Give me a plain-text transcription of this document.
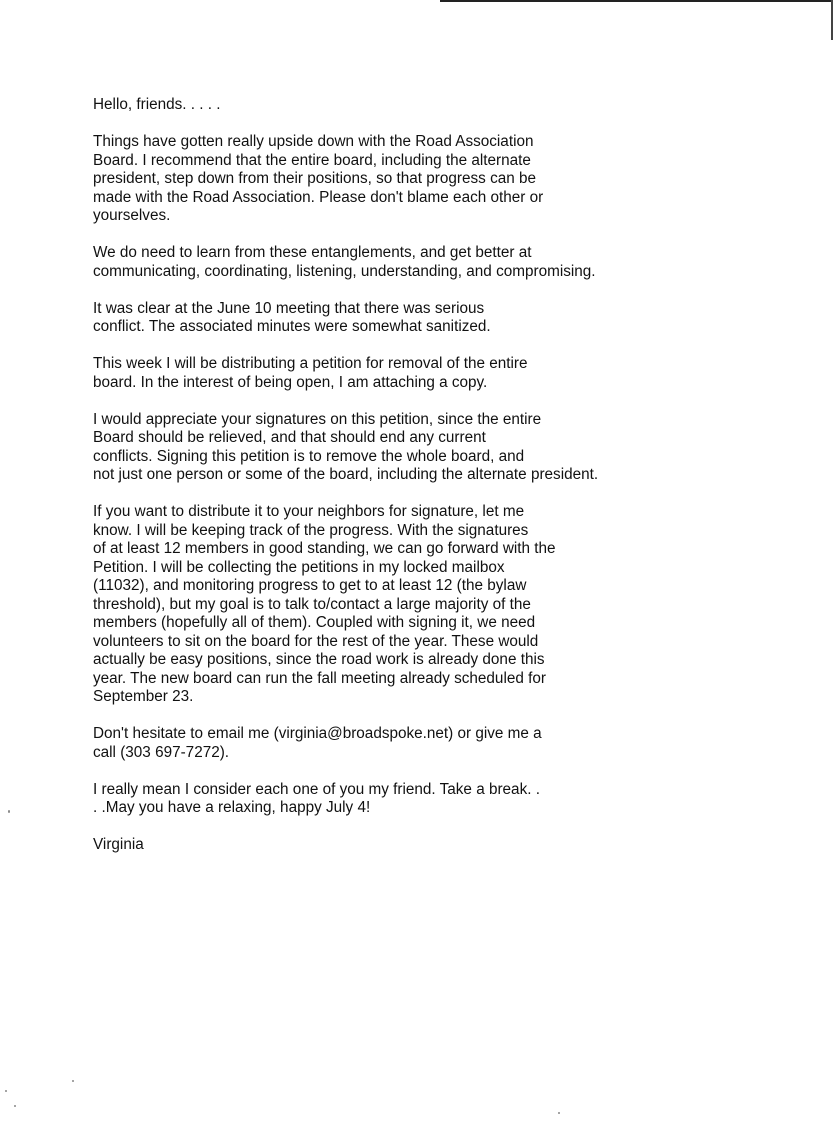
Hello, friends. . . . .

Things have gotten really upside down with the Road Association
Board. I recommend that the entire board, including the alternate
president, step down from their positions, so that progress can be
made with the Road Association. Please don't blame each other or
yourselves.

We do need to learn from these entanglements, and get better at
communicating, coordinating, listening, understanding, and compromising.

It was clear at the June 10 meeting that there was serious
conflict. The associated minutes were somewhat sanitized.

This week I will be distributing a petition for removal of the entire
board. In the interest of being open, I am attaching a copy.

I would appreciate your signatures on this petition, since the entire
Board should be relieved, and that should end any current
conflicts. Signing this petition is to remove the whole board, and
not just one person or some of the board, including the alternate president.

If you want to distribute it to your neighbors for signature, let me
know. I will be keeping track of the progress. With the signatures
of at least 12 members in good standing, we can go forward with the
Petition. I will be collecting the petitions in my locked mailbox
(11032), and monitoring progress to get to at least 12 (the bylaw
threshold), but my goal is to talk to/contact a large majority of the
members (hopefully all of them). Coupled with signing it, we need
volunteers to sit on the board for the rest of the year. These would
actually be easy positions, since the road work is already done this
year. The new board can run the fall meeting already scheduled for
September 23.

Don't hesitate to email me (virginia@broadspoke.net) or give me a
call (303 697-7272).

I really mean I consider each one of you my friend. Take a break. .
. .May you have a relaxing, happy July 4!

Virginia
